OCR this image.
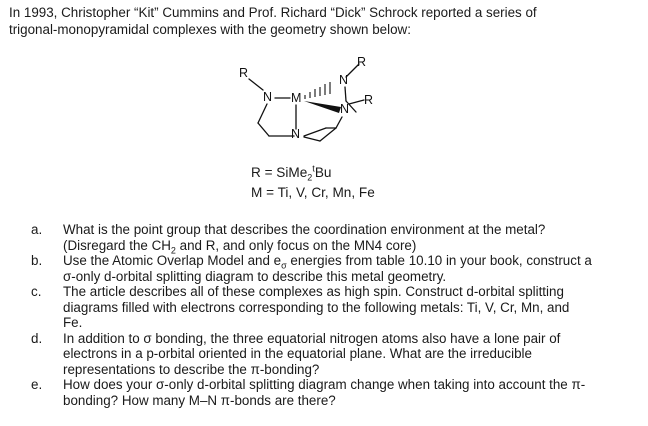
In 1993, Christopher “Kit” Cummins and Prof. Richard “Dick” Schrock reported a series of

trigonal-monopyramidal complexes with the geometry shown below:

R
N M
N
R
N
R
N
R = SiMe$_2^t$Bu
M = Ti, V, Cr, Mn, Fe
a. What is the point group that describes the coordination environment at the metal?
(Disregard the $CH_2$ and R, and only focus on the MN4 core)
b. Use the Atomic Overlap Model and $e_\sigma$ energies from table 10.10 in your book, construct a
σ-only d-orbital splitting diagram to describe this metal geometry.
c. The article describes all of these complexes as high spin. Construct d-orbital splitting
diagrams filled with electrons corresponding to the following metals: Ti, V, Cr, Mn, and
Fe.
d. In addition to σ bonding, the three equatorial nitrogen atoms also have a lone pair of
electrons in a p-orbital oriented in the equatorial plane. What are the irreducible
representations to describe the π-bonding?
e. How does your σ-only d-orbital splitting diagram change when taking into account the π-
bonding? How many M–N π-bonds are there?
